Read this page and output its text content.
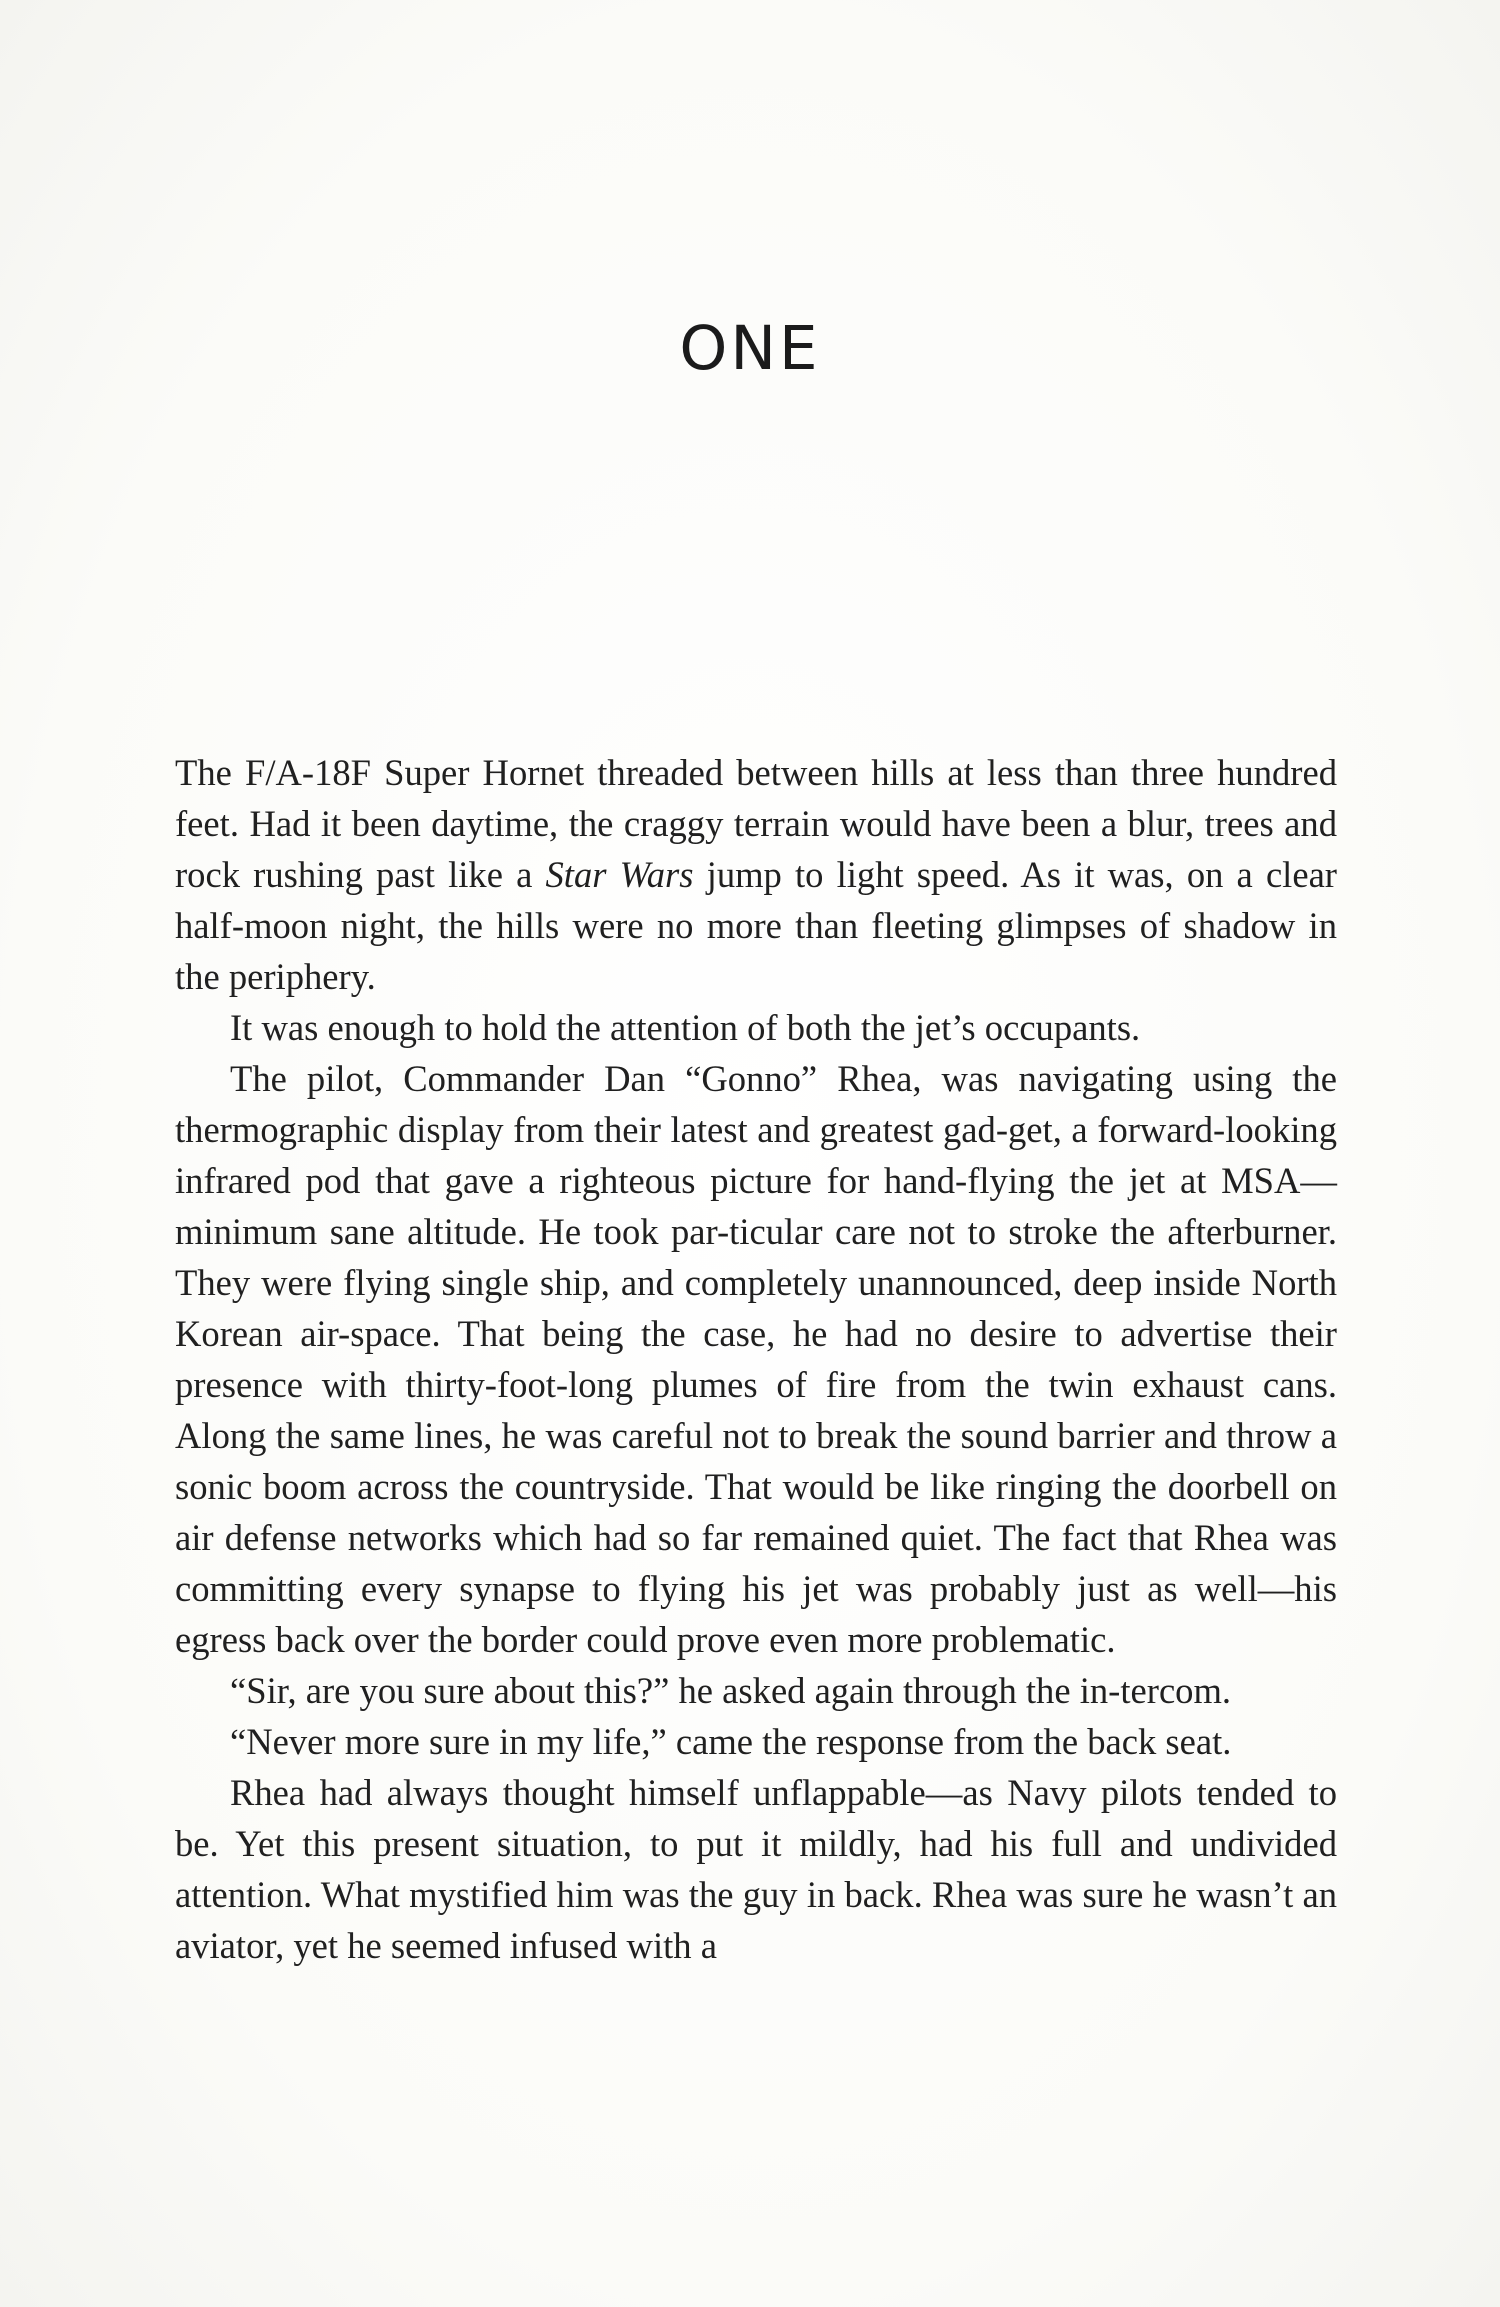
ONE

The F/A-18F Super Hornet threaded between hills at less than three hundred feet. Had it been daytime, the craggy terrain would have been a blur, trees and rock rushing past like a Star Wars jump to light speed. As it was, on a clear half-moon night, the hills were no more than fleeting glimpses of shadow in the periphery.

It was enough to hold the attention of both the jet’s occupants.

The pilot, Commander Dan “Gonno” Rhea, was navigating using the thermographic display from their latest and greatest gad-get, a forward-looking infrared pod that gave a righteous picture for hand-flying the jet at MSA—minimum sane altitude. He took par-ticular care not to stroke the afterburner. They were flying single ship, and completely unannounced, deep inside North Korean air-space. That being the case, he had no desire to advertise their presence with thirty-foot-long plumes of fire from the twin exhaust cans. Along the same lines, he was careful not to break the sound barrier and throw a sonic boom across the countryside. That would be like ringing the doorbell on air defense networks which had so far remained quiet. The fact that Rhea was committing every synapse to flying his jet was probably just as well—his egress back over the border could prove even more problematic.

“Sir, are you sure about this?” he asked again through the in-tercom.

“Never more sure in my life,” came the response from the back seat.

Rhea had always thought himself unflappable—as Navy pilots tended to be. Yet this present situation, to put it mildly, had his full and undivided attention. What mystified him was the guy in back. Rhea was sure he wasn’t an aviator, yet he seemed infused with a
